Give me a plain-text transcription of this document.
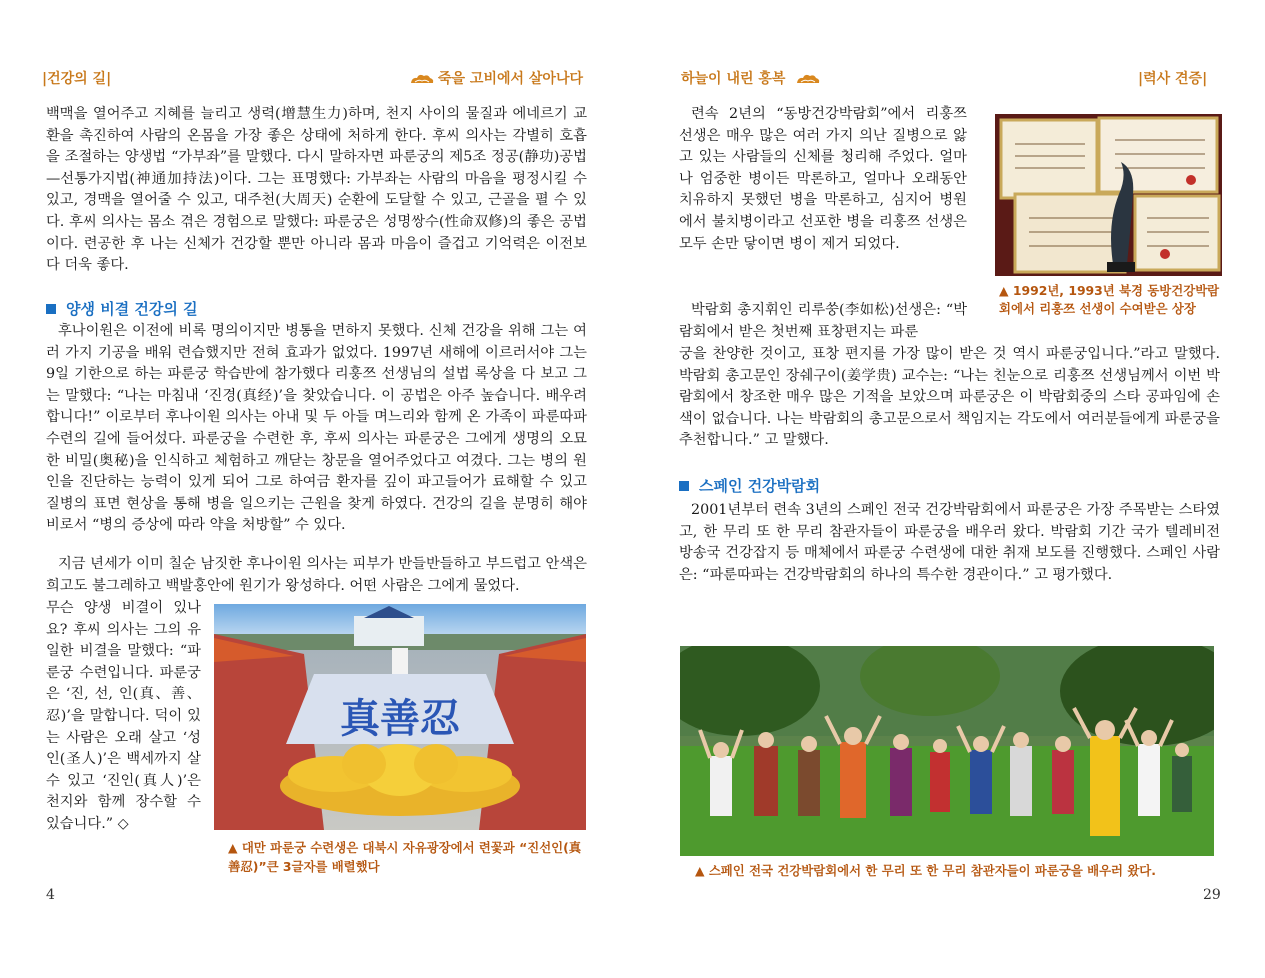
|건강의 길|	죽을 고비에서 살아나다

백맥을 열어주고 지혜를 늘리고 생력(增慧生力)하며, 천지 사이의 물질과 에네르기 교환을 촉진하여 사람의 온몸을 가장 좋은 상태에 처하게 한다. 후씨 의사는 각별히 호흡을 조절하는 양생법 “가부좌”를 말했다. 다시 말하자면 파룬궁의 제5조 정공(静功)공법—선통가지법(神通加持法)이다. 그는 표명했다: 가부좌는 사람의 마음을 평정시킬 수 있고, 경맥을 열어줄 수 있고, 대주천(大周天) 순환에 도달할 수 있고, 근골을 펼 수 있다. 후씨 의사는 몸소 겪은 경험으로 말했다: 파룬궁은 성명쌍수(性命双修)의 좋은 공법이다. 련공한 후 나는 신체가 건강할 뿐만 아니라 몸과 마음이 즐겁고 기억력은 이전보다 더욱 좋다.

양생 비결 건강의 길

후나이원은 이전에 비록 명의이지만 병통을 면하지 못했다. 신체 건강을 위해 그는 여러 가지 기공을 배워 련습했지만 전혀 효과가 없었다. 1997년 새해에 이르러서야 그는 9일 기한으로 하는 파룬궁 학습반에 참가했다 리훙쯔 선생님의 설법 록상을 다 보고 그는 말했다: “나는 마침내 ‘진경(真经)’을 찾았습니다. 이 공법은 아주 높습니다. 배우려 합니다!” 이로부터 후나이원 의사는 아내 및 두 아들 며느리와 함께 온 가족이 파룬따파 수련의 길에 들어섰다. 파룬궁을 수련한 후, 후씨 의사는 파룬궁은 그에게 생명의 오묘한 비밀(奥秘)을 인식하고 체험하고 깨닫는 창문을 열어주었다고 여겼다. 그는 병의 원인을 진단하는 능력이 있게 되어 그로 하여금 환자를 깊이 파고들어가 료해할 수 있고 질병의 표면 현상을 통해 병을 일으키는 근원을 찾게 하였다. 건강의 길을 분명히 해야 비로서 “병의 증상에 따라 약을 처방할” 수 있다.

지금 년세가 이미 칠순 남짓한 후나이원 의사는 피부가 반들반들하고 부드럽고 안색은 희고도 불그레하고 백발홍안에 원기가 왕성하다. 어떤 사람은 그에게 물었다.

무슨 양생 비결이 있나요? 후씨 의사는 그의 유일한 비결을 말했다: “파룬궁 수련입니다. 파룬궁은 ‘진, 선, 인(真、善、忍)’을 말합니다. 덕이 있는 사람은 오래 살고 ‘성인(圣人)’은 백세까지 살 수 있고 ‘진인(真人)’은 천지와 함께 장수할 수 있습니다.” ◇

真善忍

▲ 대만 파룬궁 수련생은 대북시 자유광장에서 련꽃과 “진선인(真善忍)”큰 3글자를 배렬했다

4
하늘이 내린 홍복	|력사 견증|

련속 2년의 “동방건강박람회”에서 리훙쯔 선생은 매우 많은 여러 가지 의난 질병으로 앓고 있는 사람들의 신체를 청리해 주었다. 얼마나 엄중한 병이든 막론하고, 얼마나 오래동안 치유하지 못했던 병을 막론하고, 심지어 병원에서 불치병이라고 선포한 병을 리훙쯔 선생은 모두 손만 닿이면 병이 제거 되었다.

▲ 1992년, 1993년 북경 동방건강박람회에서 리훙쯔 선생이 수여받은 상장

박람회 총지휘인 리루쑹(李如松)선생은: “박람회에서 받은 첫번째 표창편지는 파룬

궁을 찬양한 것이고, 표창 편지를 가장 많이 받은 것 역시 파룬궁입니다.”라고 말했다. 박람회 총고문인 장쉐구이(姜学贵) 교수는: “나는 친눈으로 리훙쯔 선생님께서 이번 박람회에서 창조한 매우 많은 기적을 보았으며 파룬궁은 이 박람회중의 스타 공파임에 손색이 없습니다. 나는 박람회의 총고문으로서 책임지는 각도에서 여러분들에게 파룬궁을 추천합니다.” 고 말했다.

스페인 건강박람회

2001년부터 련속 3년의 스페인 전국 건강박람회에서 파룬궁은 가장 주목받는 스타였고, 한 무리 또 한 무리 참관자들이 파룬궁을 배우러 왔다. 박람회 기간 국가 텔레비전 방송국 건강잡지 등 매체에서 파룬궁 수련생에 대한 취재 보도를 진행했다. 스페인 사람은: “파룬따파는 건강박람회의 하나의 특수한 경관이다.” 고 평가했다.

▲ 스페인 전국 건강박람회에서 한 무리 또 한 무리 참관자들이 파룬궁을 배우러 왔다.

29
